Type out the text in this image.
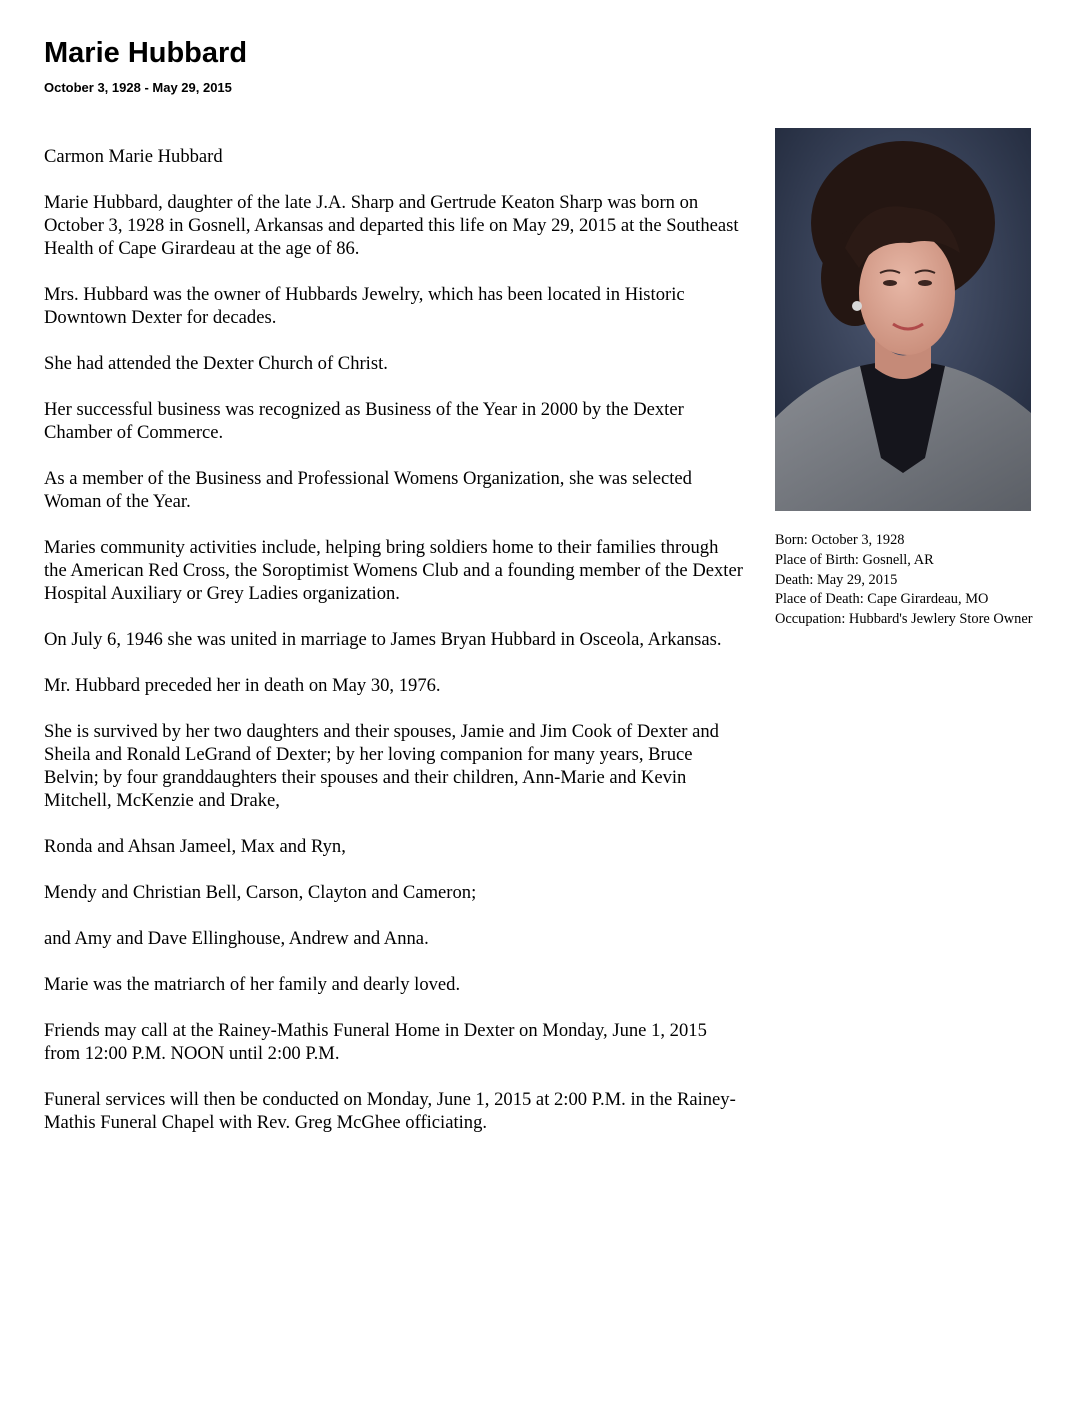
Marie Hubbard
October 3, 1928 - May 29, 2015

Carmon Marie Hubbard

Marie Hubbard, daughter of the late J.A. Sharp and Gertrude Keaton Sharp was born on October 3, 1928 in Gosnell, Arkansas and departed this life on May 29, 2015 at the Southeast Health of Cape Girardeau at the age of 86.

Mrs. Hubbard was the owner of Hubbards Jewelry, which has been located in Historic Downtown Dexter for decades.

She had attended the Dexter Church of Christ.

Her successful business was recognized as Business of the Year in 2000 by the Dexter Chamber of Commerce.

As a member of the Business and Professional Womens Organization, she was selected Woman of the Year.

Maries community activities include, helping bring soldiers home to their families through the American Red Cross, the Soroptimist Womens Club and a founding member of the Dexter Hospital Auxiliary or Grey Ladies organization.

On July 6, 1946 she was united in marriage to James Bryan Hubbard in Osceola, Arkansas.

Mr. Hubbard preceded her in death on May 30, 1976.

She is survived by her two daughters and their spouses, Jamie and Jim Cook of Dexter and Sheila and Ronald LeGrand of Dexter; by her loving companion for many years, Bruce Belvin; by four granddaughters their spouses and their children, Ann-Marie and Kevin Mitchell, McKenzie and Drake,

Ronda and Ahsan Jameel, Max and Ryn,

Mendy and Christian Bell, Carson, Clayton and Cameron;

and Amy and Dave Ellinghouse, Andrew and Anna.

Marie was the matriarch of her family and dearly loved.

Friends may call at the Rainey-Mathis Funeral Home in Dexter on Monday, June 1, 2015 from 12:00 P.M. NOON until 2:00 P.M.

Funeral services will then be conducted on Monday, June 1, 2015 at 2:00 P.M. in the Rainey-Mathis Funeral Chapel with Rev. Greg McGhee officiating.

Born: October 3, 1928
Place of Birth: Gosnell, AR
Death: May 29, 2015
Place of Death: Cape Girardeau, MO
Occupation: Hubbard's Jewlery Store Owner
